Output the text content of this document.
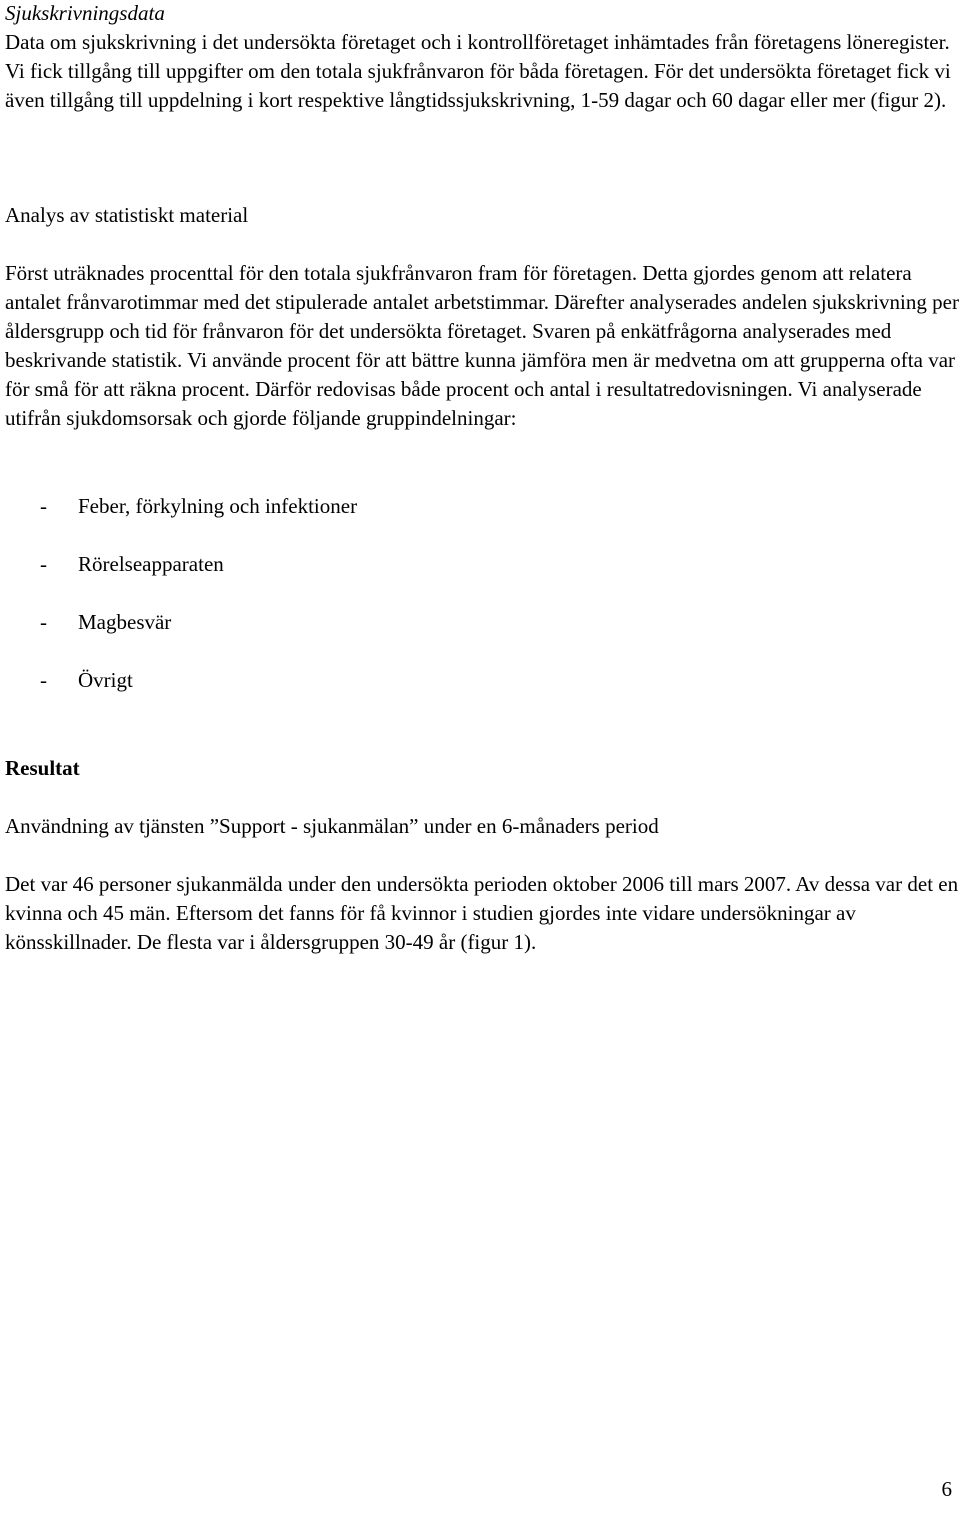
Sjukskrivningsdata

Data om sjukskrivning i det undersökta företaget och i kontrollföretaget inhämtades från företagens löneregister. Vi fick tillgång till uppgifter om den totala sjukfrånvaron för båda företagen. För det undersökta företaget fick vi även tillgång till uppdelning i kort respektive långtidssjukskrivning, 1-59 dagar och 60 dagar eller mer (figur 2).

Analys av statistiskt material

Först uträknades procenttal för den totala sjukfrånvaron fram för företagen. Detta gjordes genom att relatera antalet frånvarotimmar med det stipulerade antalet arbetstimmar. Därefter analyserades andelen sjukskrivning per åldersgrupp och tid för frånvaron för det undersökta företaget. Svaren på enkätfrågorna analyserades med beskrivande statistik. Vi använde procent för att bättre kunna jämföra men är medvetna om att grupperna ofta var för små för att räkna procent. Därför redovisas både procent och antal i resultatredovisningen. Vi analyserade utifrån sjukdomsorsak och gjorde följande gruppindelningar:

- Feber, förkylning och infektioner
- Rörelseapparaten
- Magbesvär
- Övrigt

Resultat

Användning av tjänsten ”Support - sjukanmälan” under en 6-månaders period

Det var 46 personer sjukanmälda under den undersökta perioden oktober 2006 till mars 2007. Av dessa var det en kvinna och 45 män. Eftersom det fanns för få kvinnor i studien gjordes inte vidare undersökningar av könsskillnader. De flesta var i åldersgruppen 30-49 år (figur 1).

6
